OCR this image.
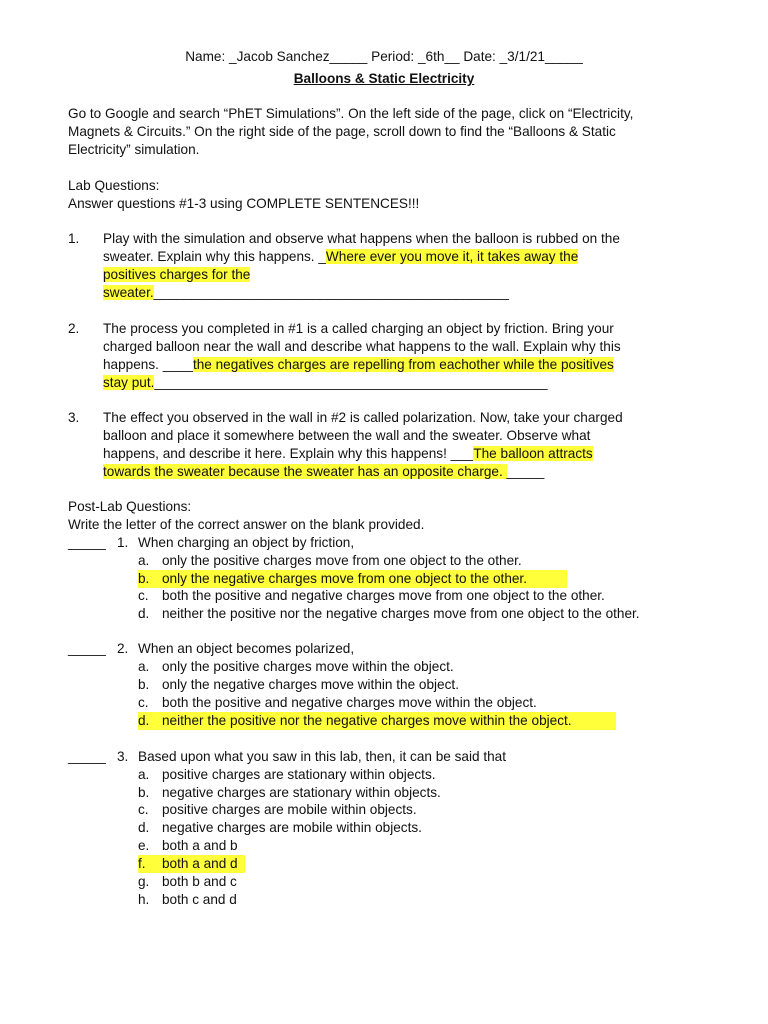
Name: _Jacob Sanchez_____ Period: _6th__ Date: _3/1/21_____
Balloons & Static Electricity
Go to Google and search “PhET Simulations”. On the left side of the page, click on “Electricity,
Magnets & Circuits.” On the right side of the page, scroll down to find the “Balloons & Static
Electricity” simulation.
Lab Questions:
Answer questions #1-3 using COMPLETE SENTENCES!!!
1. Play with the simulation and observe what happens when the balloon is rubbed on the
sweater. Explain why this happens. _Where ever you move it, it takes away the
positives charges for the
sweater._______________________________________________
2. The process you completed in #1 is a called charging an object by friction. Bring your
charged balloon near the wall and describe what happens to the wall. Explain why this
happens. ____the negatives charges are repelling from eachother while the positives
stay put.____________________________________________________
3. The effect you observed in the wall in #2 is called polarization. Now, take your charged
balloon and place it somewhere between the wall and the sweater. Observe what
happens, and describe it here. Explain why this happens! ___The balloon attracts
towards the sweater because the sweater has an opposite charge. _____
Post-Lab Questions:
Write the letter of the correct answer on the blank provided.
_____ 1. When charging an object by friction,
a. only the positive charges move from one object to the other.
b. only the negative charges move from one object to the other.
c. both the positive and negative charges move from one object to the other.
d. neither the positive nor the negative charges move from one object to the other.
_____ 2. When an object becomes polarized,
a. only the positive charges move within the object.
b. only the negative charges move within the object.
c. both the positive and negative charges move within the object.
d. neither the positive nor the negative charges move within the object.
_____ 3. Based upon what you saw in this lab, then, it can be said that
a. positive charges are stationary within objects.
b. negative charges are stationary within objects.
c. positive charges are mobile within objects.
d. negative charges are mobile within objects.
e. both a and b
f. both a and d
g. both b and c
h. both c and d
